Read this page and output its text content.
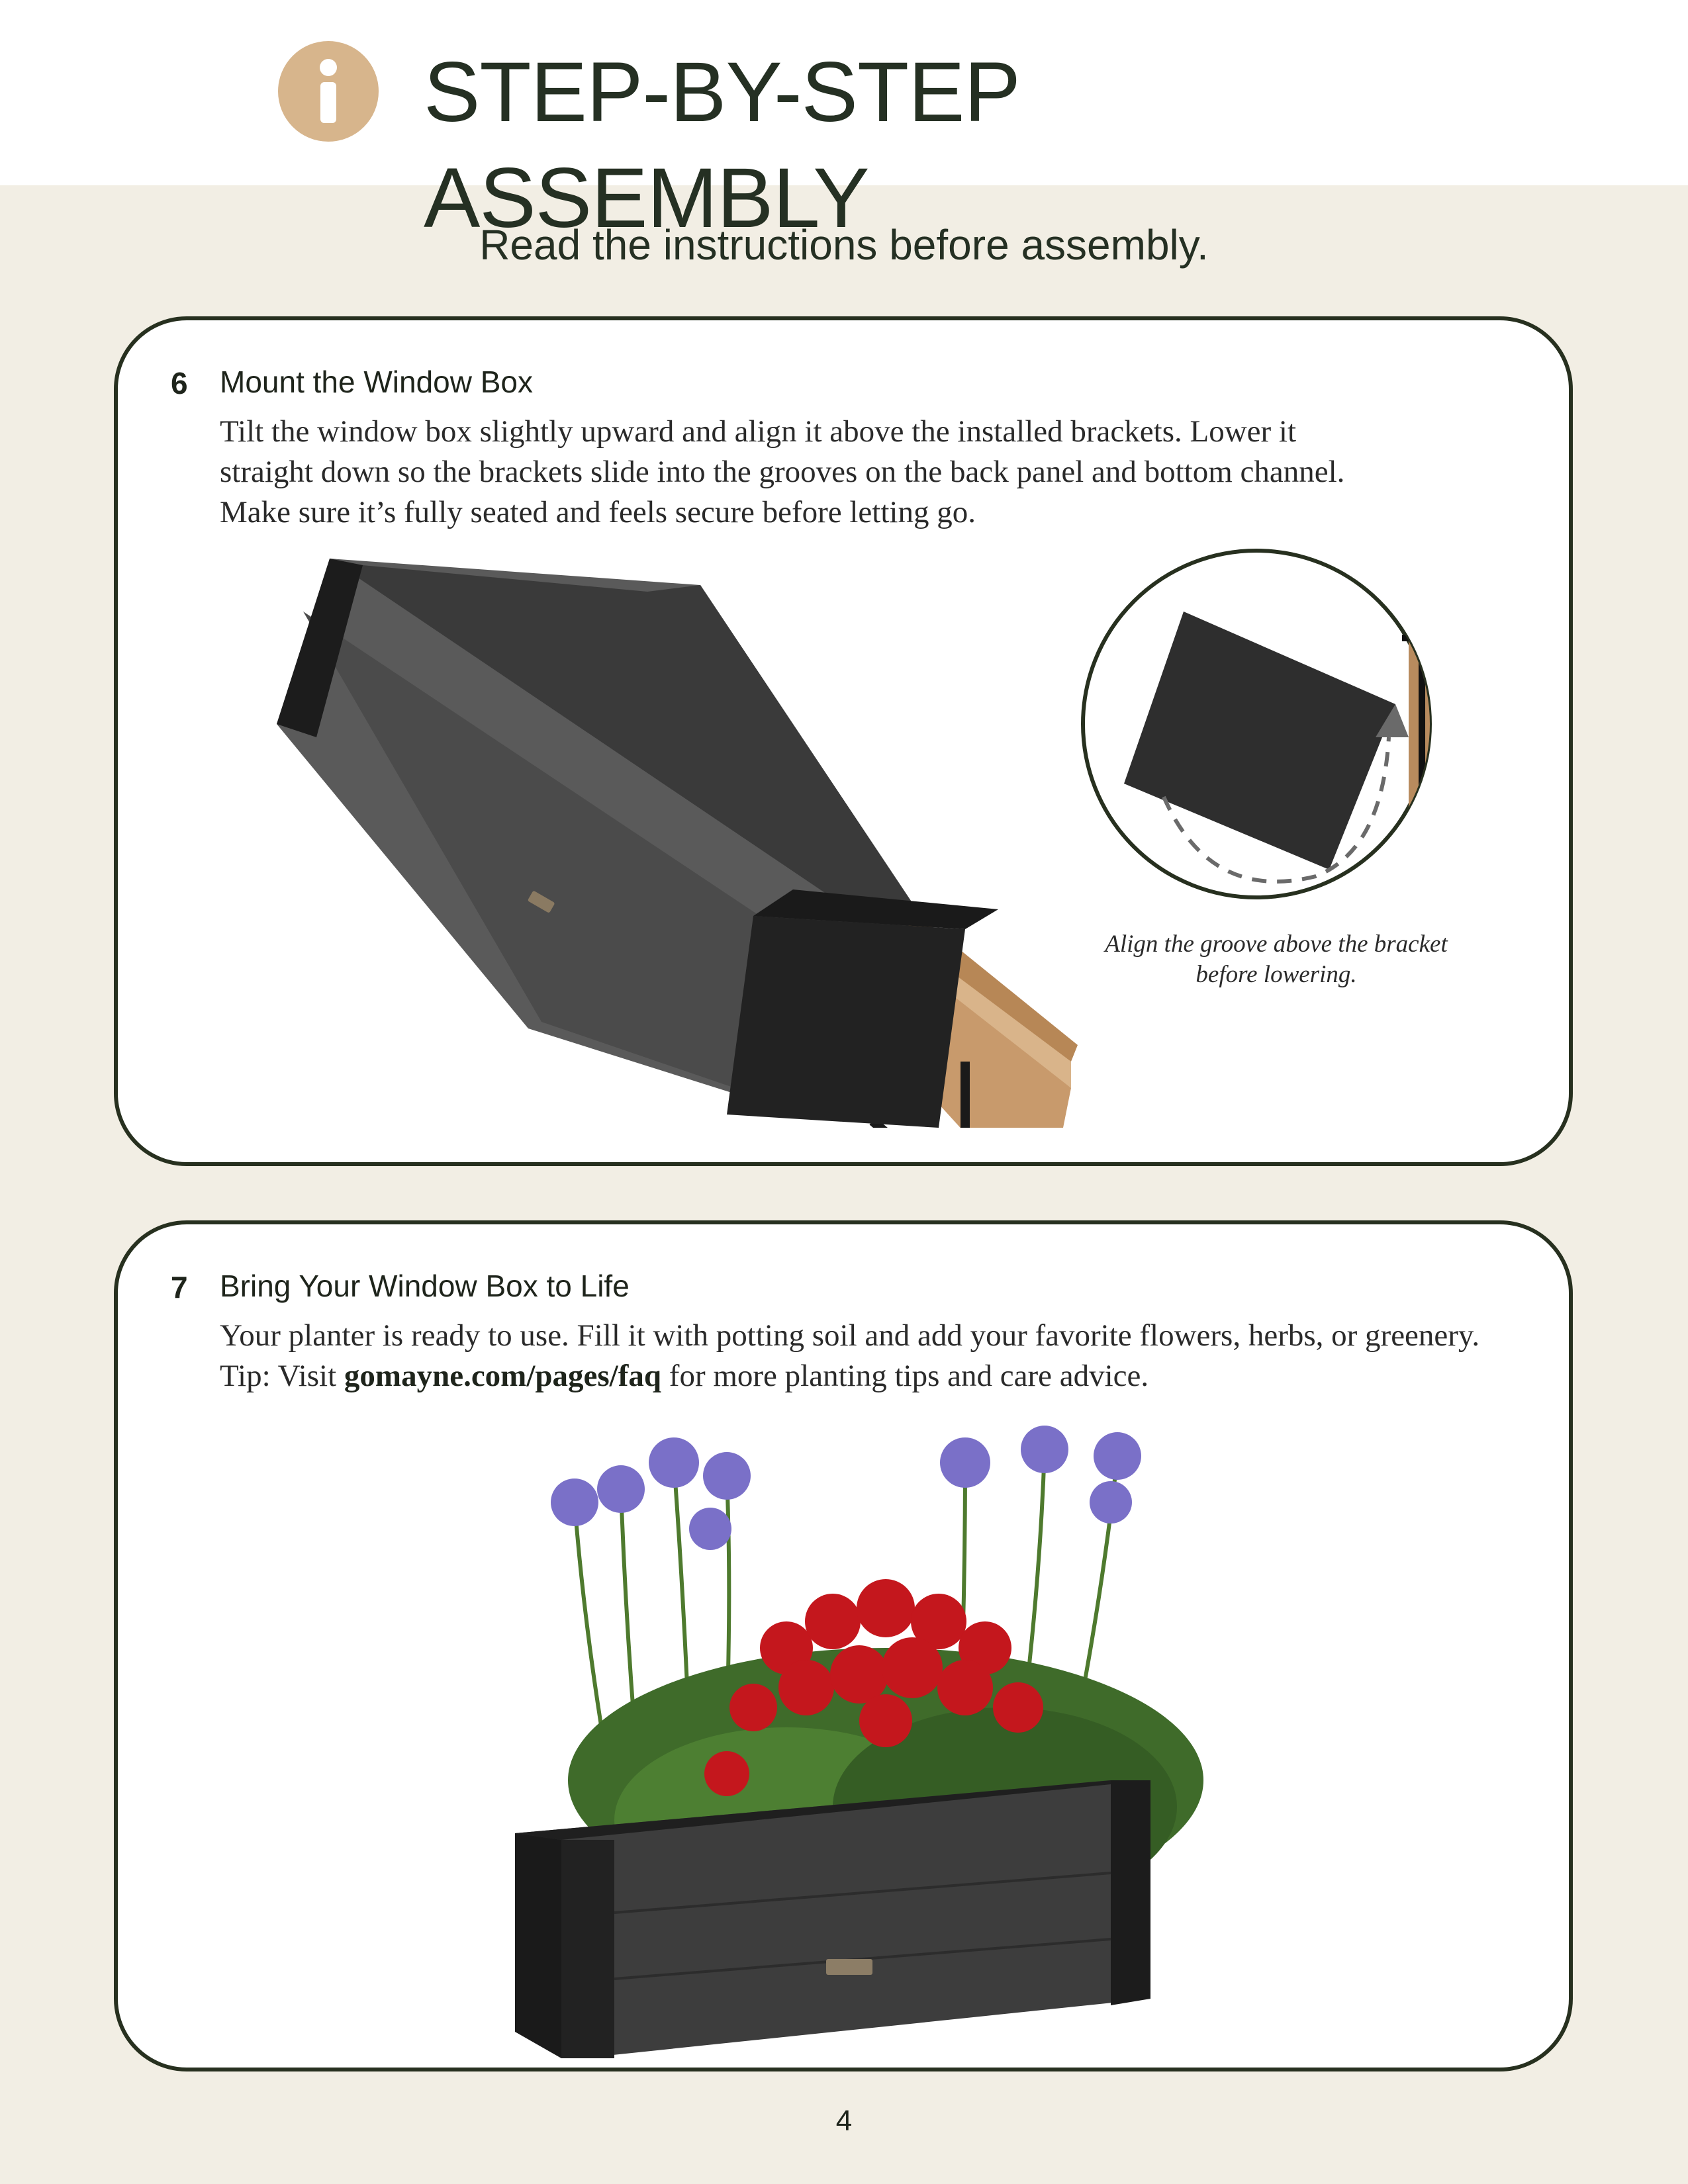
STEP-BY-STEP ASSEMBLY
Read the instructions before assembly.
6 Mount the Window Box

Tilt the window box slightly upward and align it above the installed brackets. Lower it

straight down so the brackets slide into the grooves on the back panel and bottom channel.

Make sure it’s fully seated and feels secure before letting go.

Align the groove above the bracket before lowering.
7 Bring Your Window Box to Life

Your planter is ready to use. Fill it with potting soil and add your favorite flowers, herbs, or greenery.

Tip: Visit gomayne.com/pages/faq for more planting tips and care advice.

4
